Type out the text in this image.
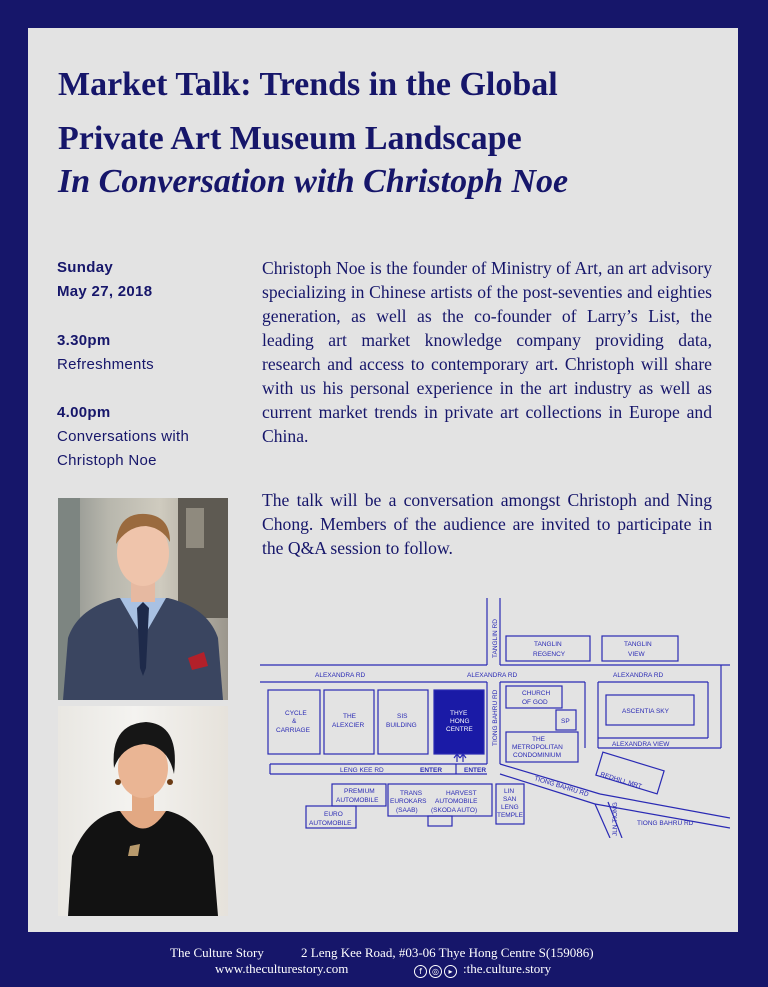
Market Talk: Trends in the Global
Private Art Museum Landscape
In Conversation with Christoph Noe
Sunday
May 27, 2018
3.30pm
Refreshments
4.00pm
Conversations with
Christoph Noe

Christoph Noe is the founder of Ministry of Art, an art advisory specializing in Chinese artists of the post-seventies and eighties generation, as well as the co-founder of Larry’s List, the leading art market knowledge company providing data, research and access to contemporary art. Christoph will share with us his personal experience in the art industry as well as current market trends in private art collections in Europe and China.

The talk will be a conversation amongst Christoph and Ning Chong. Members of the audience are invited to participate in the Q&A session to follow.

TANGLIN RD
ALEXANDRA RD	ALEXANDRA RD	ALEXANDRA RD
ALEXANDRA VIEW
TIONG BAHRU RD
LENG KEE RD
TIONG BAHRU RD REDHILL MRT
TIONG BAHRU RD
JLN TIONG
TANGLIN
REGENCY
TANGLIN
VIEW
CYCLE
&
CARRIAGE
THE
ALEXCIER
SIS
BUILDING
THYE
HONG
CENTRE
ENTER	ENTER
CHURCH
OF GOD
SP
THE
METROPOLITAN
CONDOMINIUM
ASCENTIA SKY
PREMIUM
AUTOMOBILE
EURO
AUTOMOBILE
TRANS
EUROKARS
(SAAB)
HARVEST
AUTOMOBILE
(SKODA AUTO)
LIN
SAN
LENG
TEMPLE
The Culture Story	2 Leng Kee Road, #03-06 Thye Hong Centre S(159086)
www.theculturestory.com	f ◎ ▸ :the.culture.story
